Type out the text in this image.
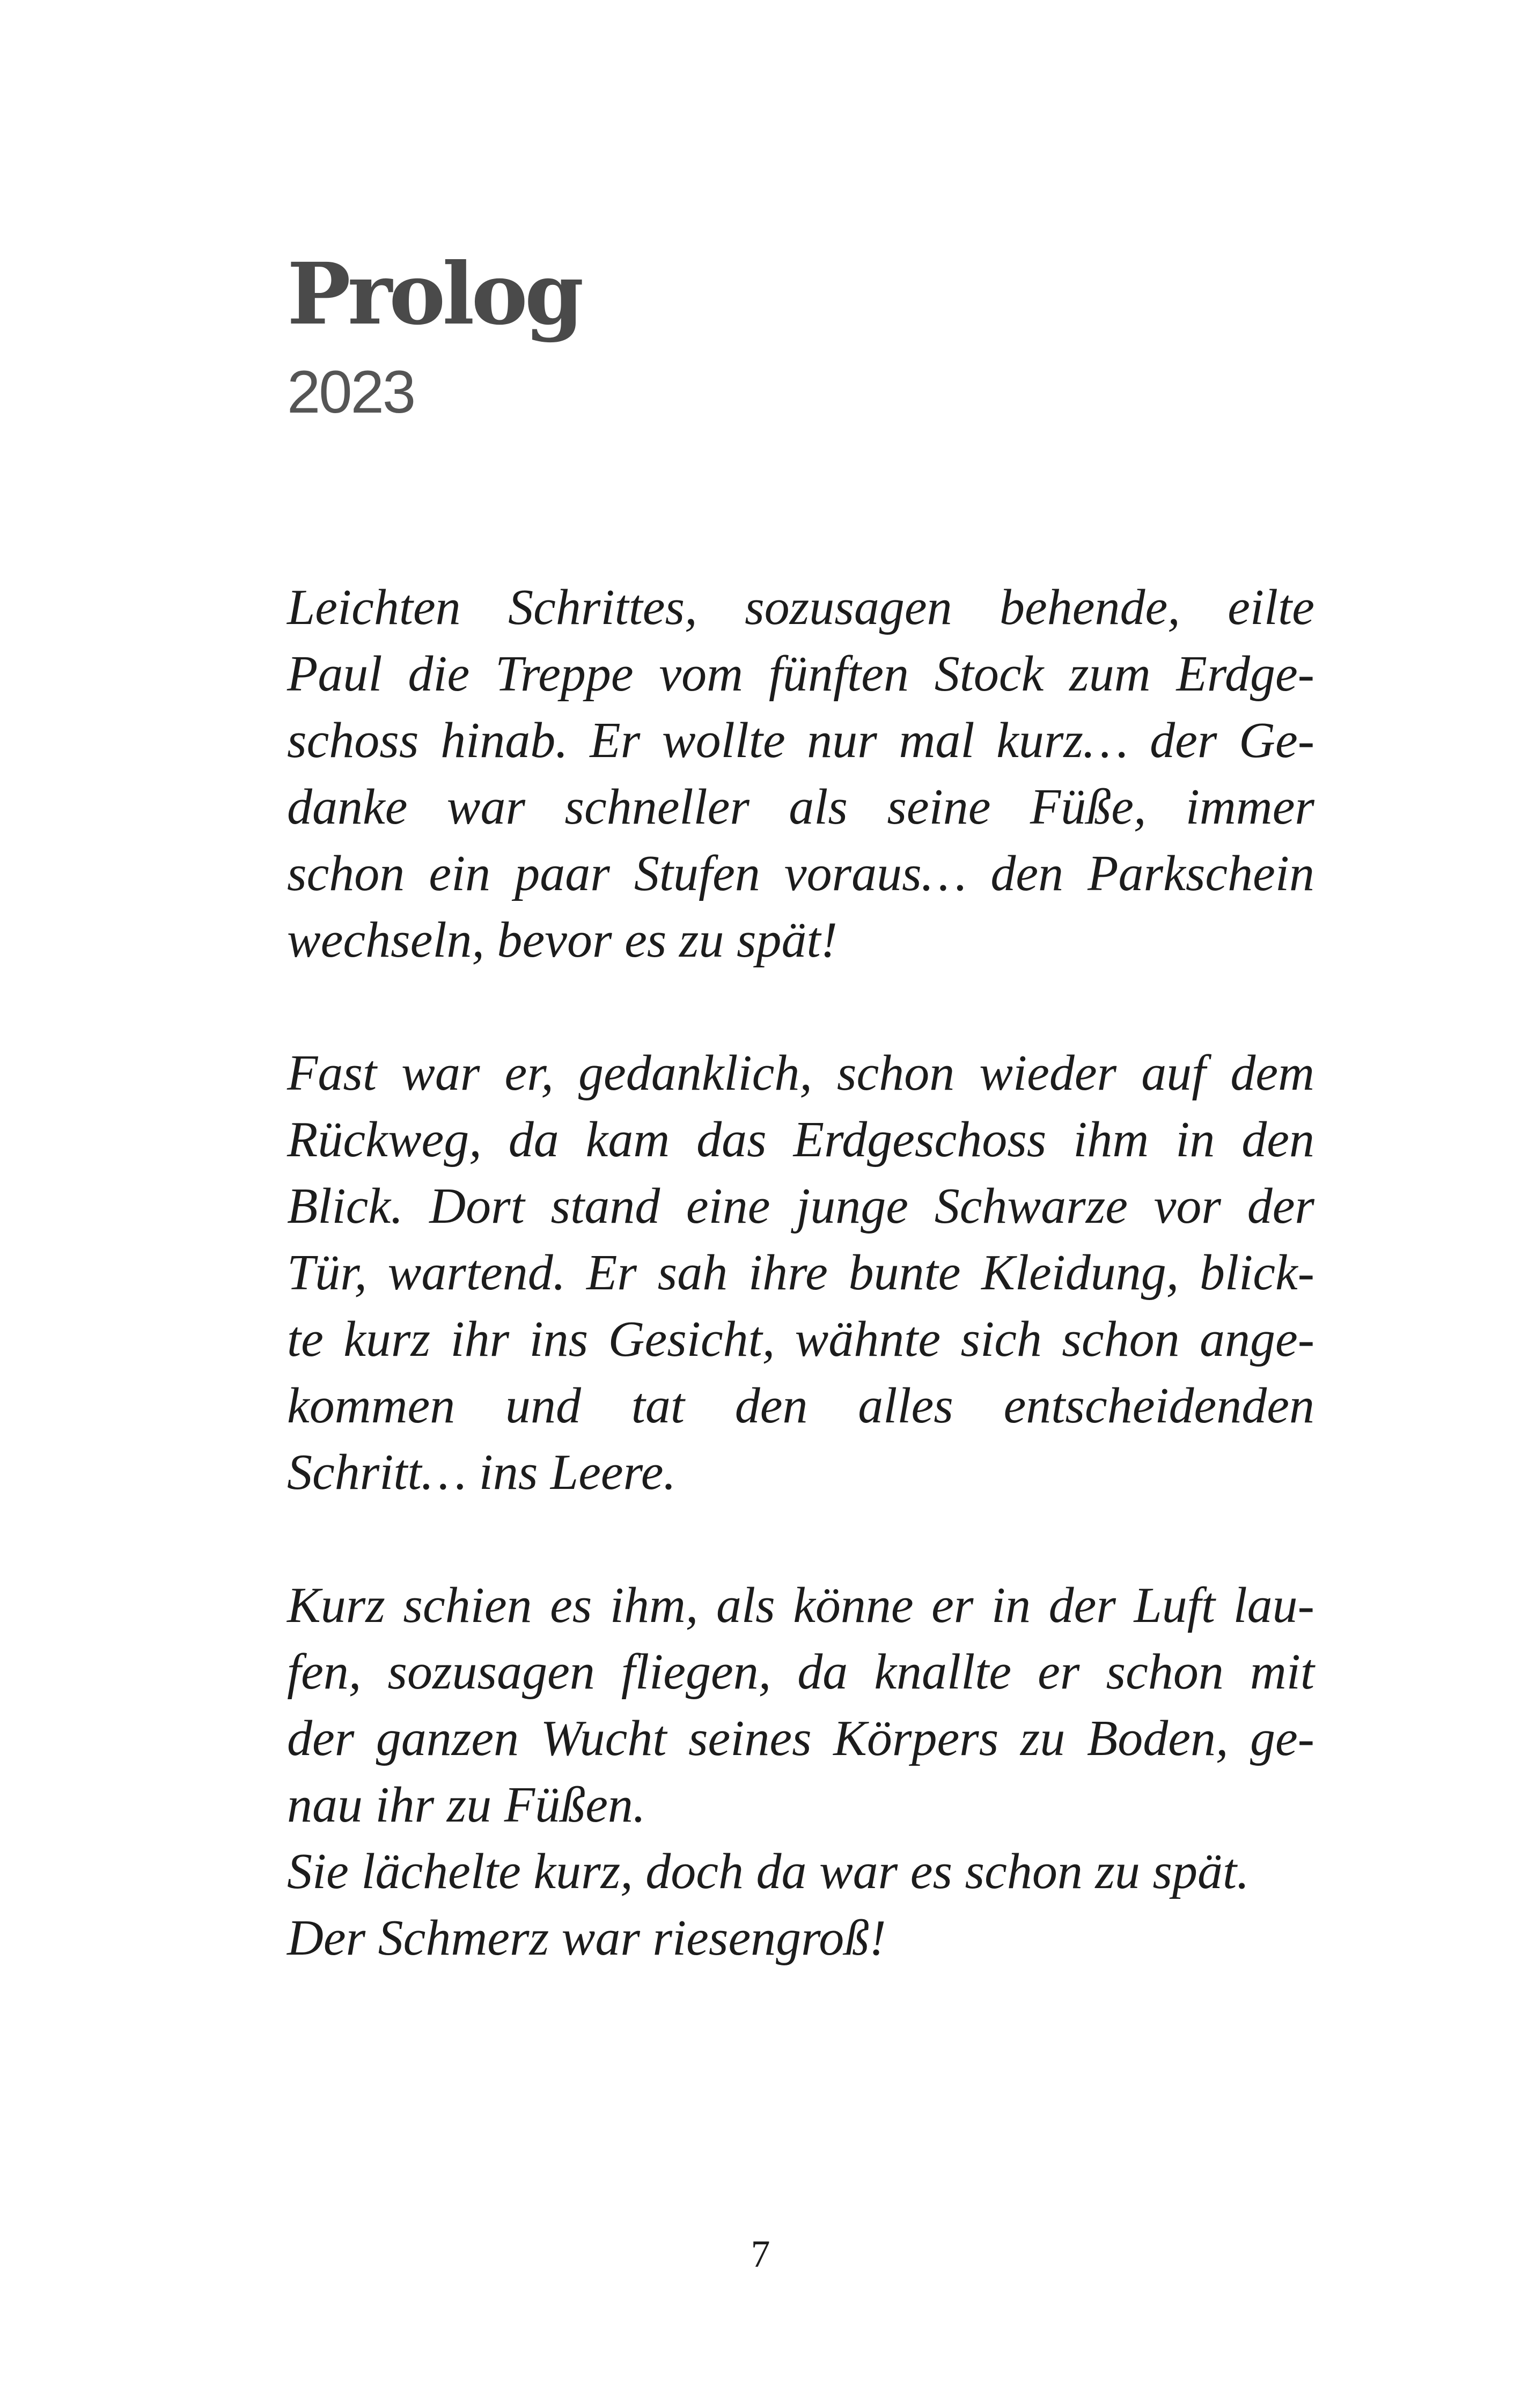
Prolog
2023
Leichten Schrittes, sozusagen behende, eilte
Paul die Treppe vom fünften Stock zum Erdge-
schoss hinab. Er wollte nur mal kurz… der Ge-
danke war schneller als seine Füße, immer
schon ein paar Stufen voraus… den Parkschein
wechseln, bevor es zu spät!
Fast war er, gedanklich, schon wieder auf dem
Rückweg, da kam das Erdgeschoss ihm in den
Blick. Dort stand eine junge Schwarze vor der
Tür, wartend. Er sah ihre bunte Kleidung, blick-
te kurz ihr ins Gesicht, wähnte sich schon ange-
kommen und tat den alles entscheidenden
Schritt… ins Leere.
Kurz schien es ihm, als könne er in der Luft lau-
fen, sozusagen fliegen, da knallte er schon mit
der ganzen Wucht seines Körpers zu Boden, ge-
nau ihr zu Füßen.
Sie lächelte kurz, doch da war es schon zu spät.
Der Schmerz war riesengroß!
7
